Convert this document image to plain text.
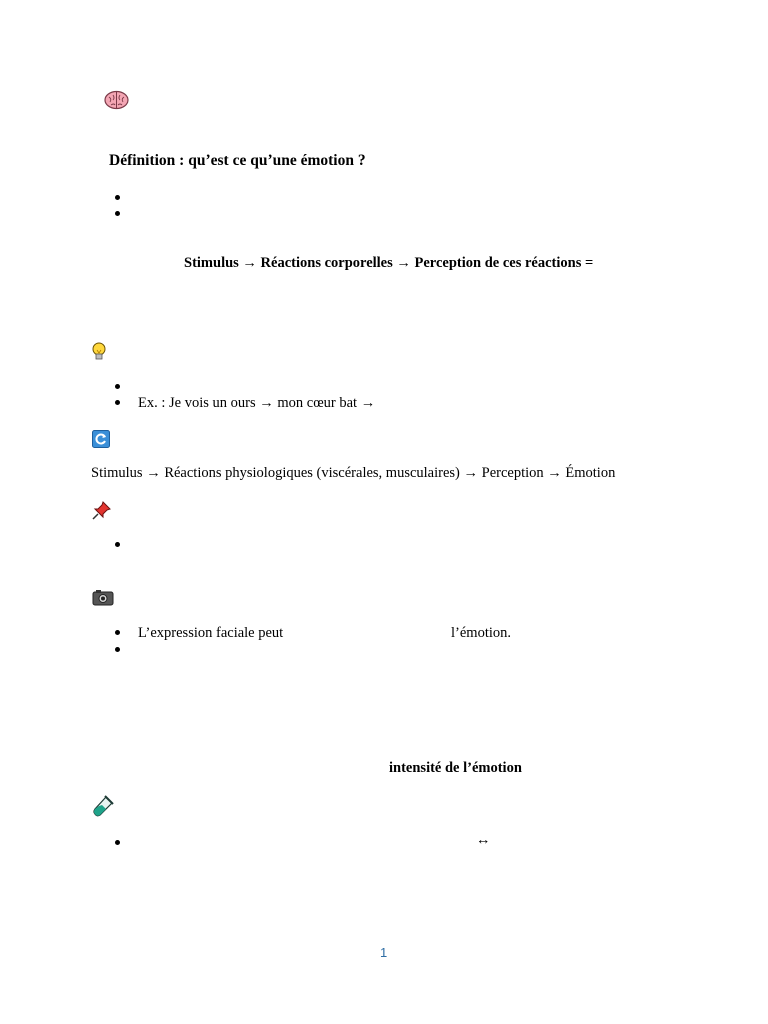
Définition : qu’est ce qu’une émotion ?
Stimulus → Réactions corporelles → Perception de ces réactions =
Ex. : Je vois un ours → mon cœur bat →
Stimulus → Réactions physiologiques (viscérales, musculaires) → Perception → Émotion
L’expression faciale peut	l’émotion.
intensité de l’émotion
↔
1
